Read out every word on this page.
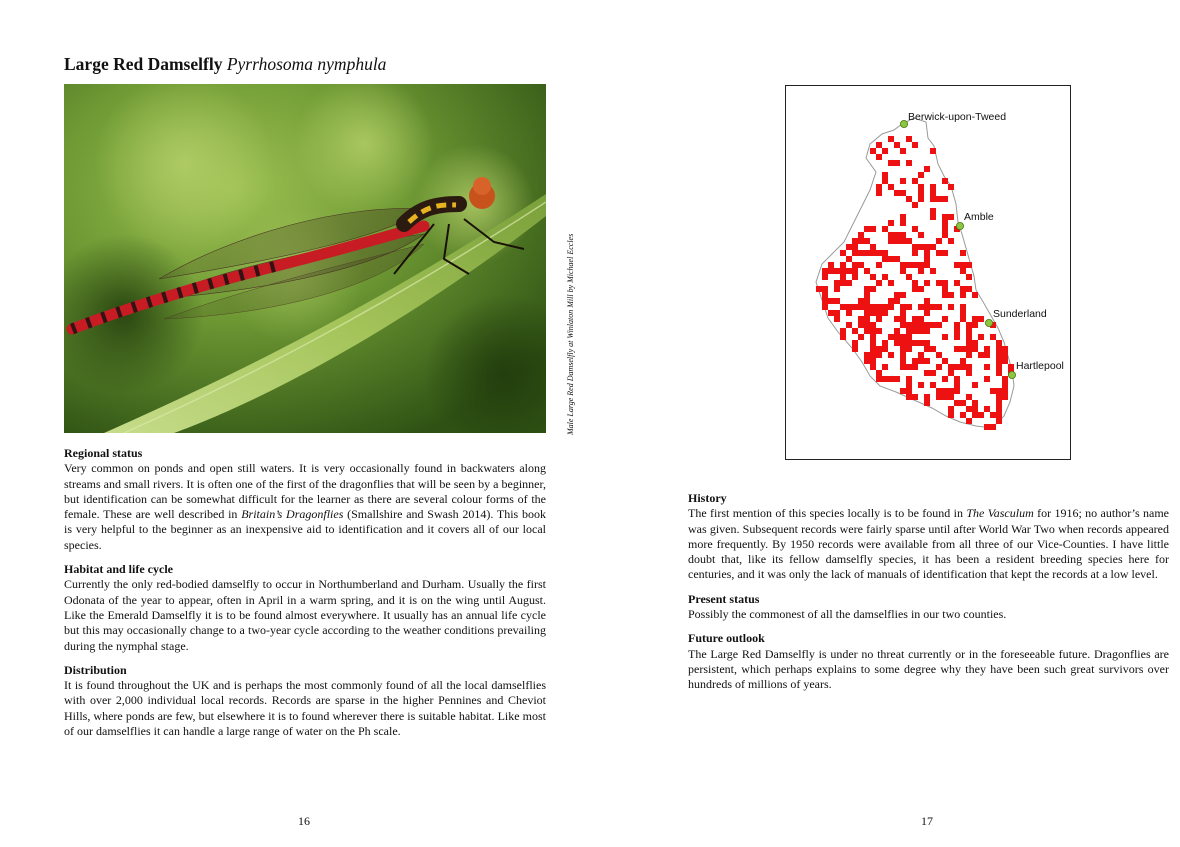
Large Red Damselfly Pyrrhosoma nymphula
Male Large Red Damselfly at Winlaton Mill by Michael Eccles
Regional status

Very common on ponds and open still waters. It is very occasionally found in backwaters along streams and small rivers. It is often one of the first of the dragonflies that will be seen by a beginner, but identification can be somewhat difficult for the learner as there are several colour forms of the female. These are well described in Britain’s Dragonflies (Smallshire and Swash 2014). This book is very helpful to the beginner as an inexpensive aid to identification and it covers all of our local species.

Habitat and life cycle

Currently the only red-bodied damselfly to occur in Northumberland and Durham. Usually the first Odonata of the year to appear, often in April in a warm spring, and it is on the wing until August. Like the Emerald Damselfly it is to be found almost everywhere. It usually has an annual life cycle but this may occasionally change to a two-year cycle according to the weather conditions prevailing during the nymphal stage.

Distribution

It is found throughout the UK and is perhaps the most commonly found of all the local damselflies with over 2,000 individual local records. Records are sparse in the higher Pennines and Cheviot Hills, where ponds are few, but elsewhere it is to found wherever there is suitable habitat. Like most of our damselflies it can handle a large range of water on the Ph scale.

Berwick-upon-Tweed
Amble
Sunderland
Hartlepool
History

The first mention of this species locally is to be found in The Vasculum for 1916; no author’s name was given. Subsequent records were fairly sparse until after World War Two when records appeared more frequently. By 1950 records were available from all three of our Vice-Counties. I have little doubt that, like its fellow damselfly species, it has been a resident breeding species here for centuries, and it was only the lack of manuals of identification that kept the records at a low level.

Present status

Possibly the commonest of all the damselflies in our two counties.

Future outlook

The Large Red Damselfly is under no threat currently or in the foreseeable future. Dragonflies are persistent, which perhaps explains to some degree why they have been such great survivors over hundreds of millions of years.

16	17
